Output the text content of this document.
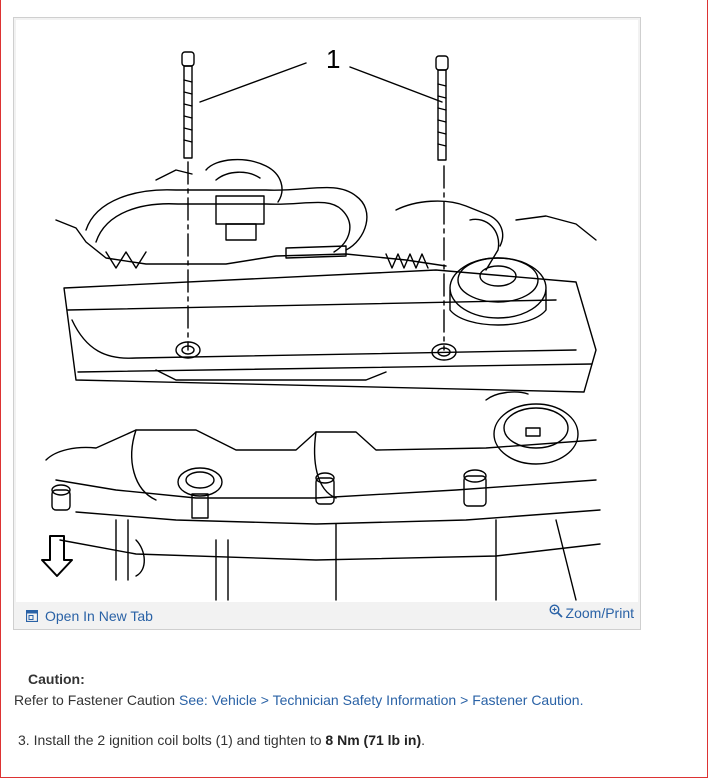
1
Open In New Tab	Zoom/Print
Caution:
Refer to Fastener Caution See: Vehicle > Technician Safety Information > Fastener Caution.
3. Install the 2 ignition coil bolts (1) and tighten to 8 Nm (71 lb in).
